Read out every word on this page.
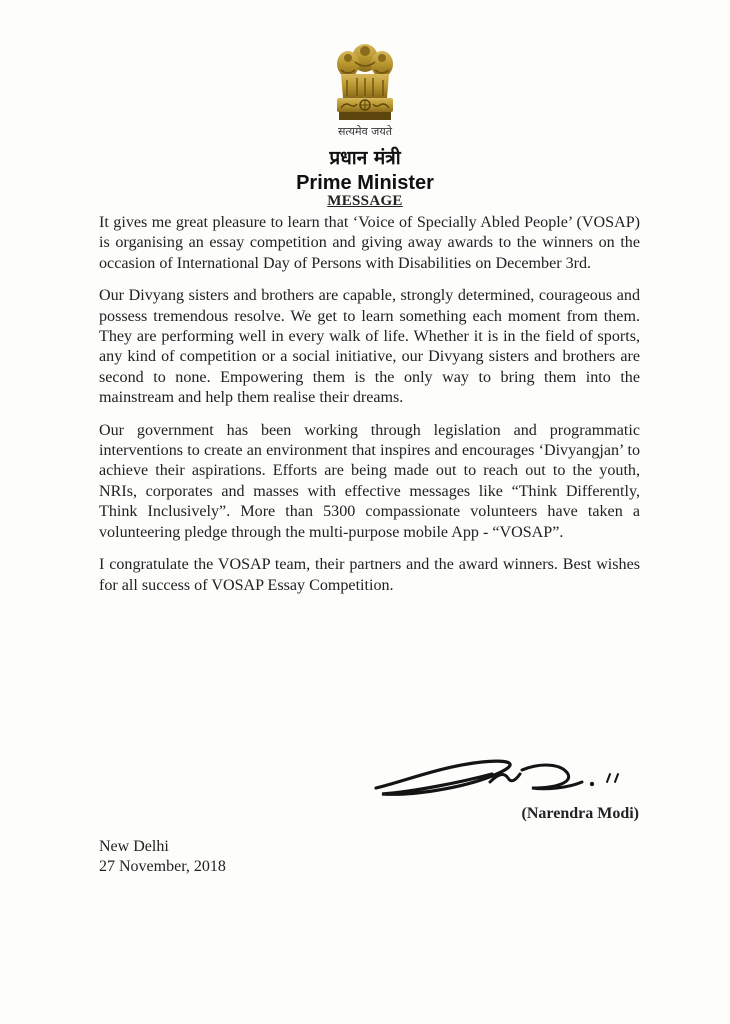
सत्यमेव जयते
प्रधान मंत्री
Prime Minister
MESSAGE

It gives me great pleasure to learn that ‘Voice of Specially Abled People’ (VOSAP) is organising an essay competition and giving away awards to the winners on the occasion of International Day of Persons with Disabilities on December 3rd.

Our Divyang sisters and brothers are capable, strongly determined, courageous and possess tremendous resolve. We get to learn something each moment from them. They are performing well in every walk of life. Whether it is in the field of sports, any kind of competition or a social initiative, our Divyang sisters and brothers are second to none. Empowering them is the only way to bring them into the mainstream and help them realise their dreams.

Our government has been working through legislation and programmatic interventions to create an environment that inspires and encourages ‘Divyangjan’ to achieve their aspirations. Efforts are being made out to reach out to the youth, NRIs, corporates and masses with effective messages like “Think Differently, Think Inclusively”. More than 5300 compassionate volunteers have taken a volunteering pledge through the multi-purpose mobile App - “VOSAP”.

I congratulate the VOSAP team, their partners and the award winners. Best wishes for all success of VOSAP Essay Competition.

(Narendra Modi)
New Delhi
27 November, 2018
